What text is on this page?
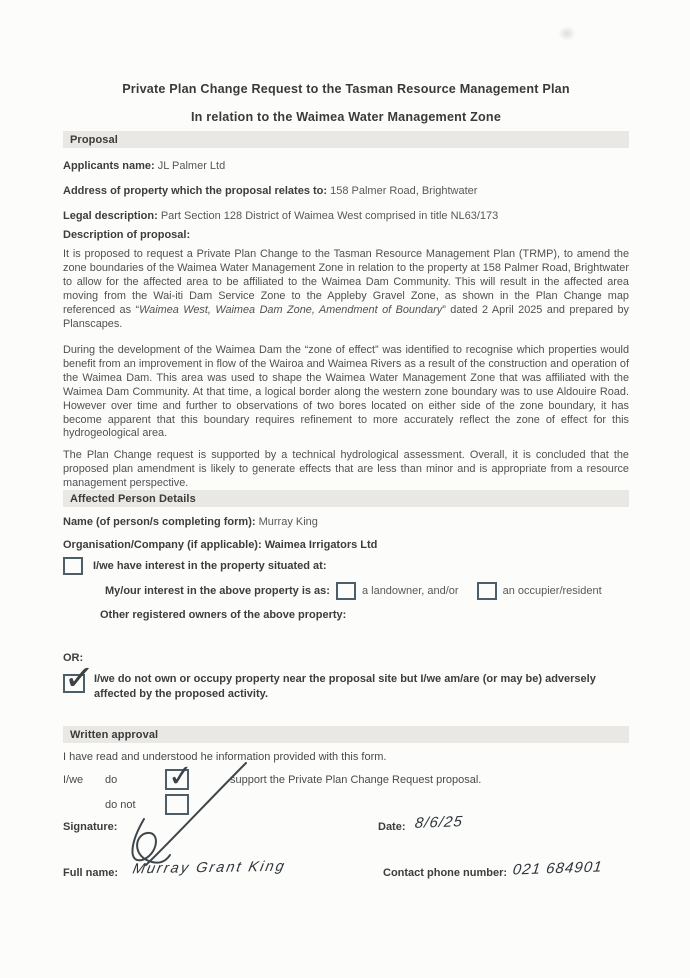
Private Plan Change Request to the Tasman Resource Management Plan
In relation to the Waimea Water Management Zone
Proposal
Applicants name: JL Palmer Ltd
Address of property which the proposal relates to: 158 Palmer Road, Brightwater
Legal description: Part Section 128 District of Waimea West comprised in title NL63/173
Description of proposal:

It is proposed to request a Private Plan Change to the Tasman Resource Management Plan (TRMP), to amend the zone boundaries of the Waimea Water Management Zone in relation to the property at 158 Palmer Road, Brightwater to allow for the affected area to be affiliated to the Waimea Dam Community. This will result in the affected area moving from the Wai-iti Dam Service Zone to the Appleby Gravel Zone, as shown in the Plan Change map referenced as “Waimea West, Waimea Dam Zone, Amendment of Boundary” dated 2 April 2025 and prepared by Planscapes.

During the development of the Waimea Dam the “zone of effect” was identified to recognise which properties would benefit from an improvement in flow of the Wairoa and Waimea Rivers as a result of the construction and operation of the Waimea Dam. This area was used to shape the Waimea Water Management Zone that was affiliated with the Waimea Dam Community. At that time, a logical border along the western zone boundary was to use Aldouire Road. However over time and further to observations of two bores located on either side of the zone boundary, it has become apparent that this boundary requires refinement to more accurately reflect the zone of effect for this hydrogeological area.

The Plan Change request is supported by a technical hydrological assessment. Overall, it is concluded that the proposed plan amendment is likely to generate effects that are less than minor and is appropriate from a resource management perspective.

Affected Person Details
Name (of person/s completing form): Murray King
Organisation/Company (if applicable): Waimea Irrigators Ltd
I/we have interest in the property situated at:
My/our interest in the above property is as:	a landowner, and/or	an occupier/resident
Other registered owners of the above property:
OR:
✓
I/we do not own or occupy property near the proposal site but I/we am/are (or may be) adversely affected by the proposed activity.
Written approval
I have read and understood he information provided with this form.
I/we	do ✓	support the Private Plan Change Request proposal.
do not
Signature:	Date: 8/6/25
Full name: Murray Grant King	Contact phone number: 021 684901
